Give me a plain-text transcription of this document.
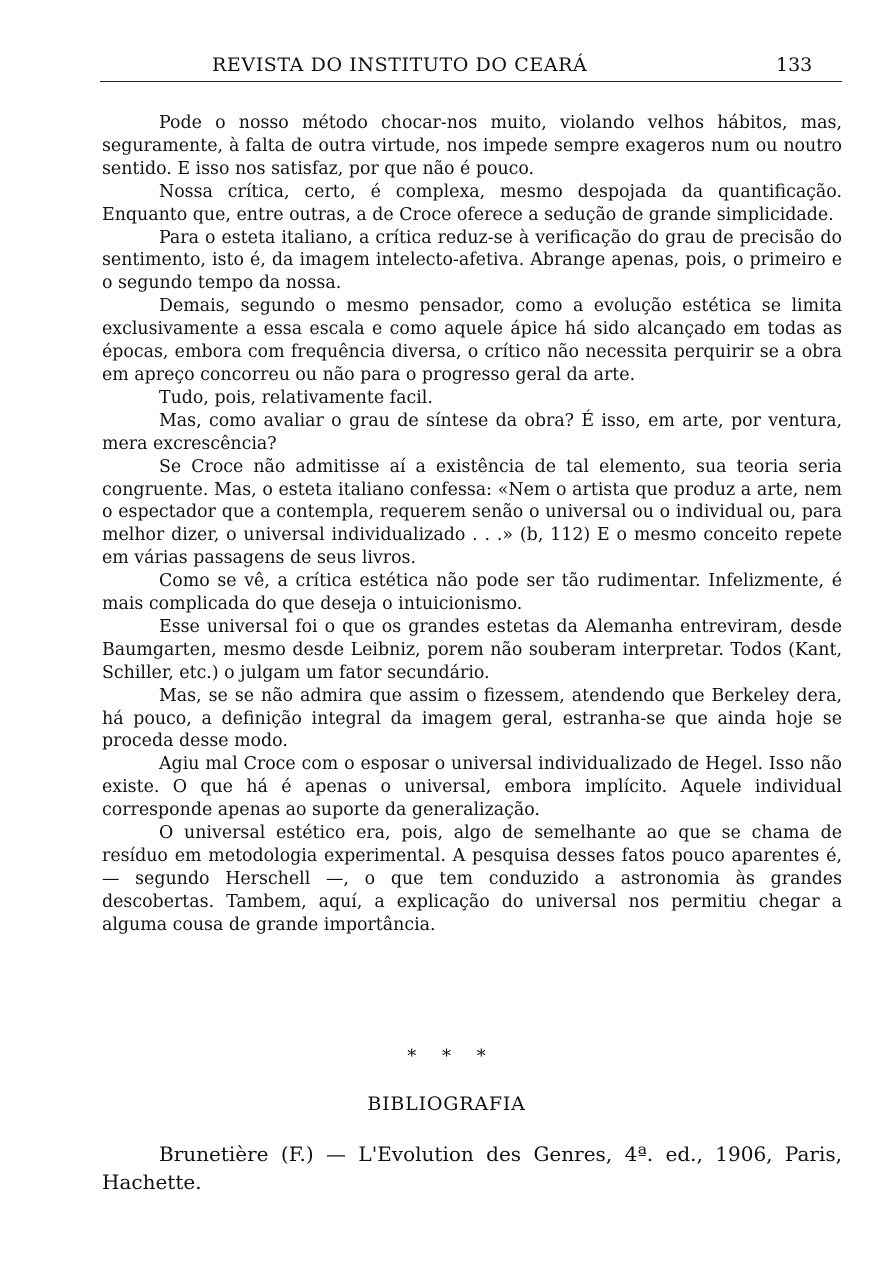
REVISTA DO INSTITUTO DO CEARÁ	133

Pode o nosso método chocar-nos muito, violando velhos hábitos, mas, seguramente, à falta de outra virtude, nos impede sempre exageros num ou noutro sentido. E isso nos satisfaz, por que não é pouco.

Nossa crítica, certo, é complexa, mesmo despojada da quantificação. Enquanto que, entre outras, a de Croce oferece a sedução de grande simplicidade.

Para o esteta italiano, a crítica reduz-se à verificação do grau de precisão do sentimento, isto é, da imagem intelecto-afetiva. Abrange apenas, pois, o primeiro e o segundo tempo da nossa.

Demais, segundo o mesmo pensador, como a evolução estética se limita exclusivamente a essa escala e como aquele ápice há sido alcançado em todas as épocas, embora com frequência diversa, o crítico não necessita perquirir se a obra em apreço concorreu ou não para o progresso geral da arte.

Tudo, pois, relativamente facil.

Mas, como avaliar o grau de síntese da obra? É isso, em arte, por ventura, mera excrescência?

Se Croce não admitisse aí a existência de tal elemento, sua teoria seria congruente. Mas, o esteta italiano confessa: «Nem o artista que produz a arte, nem o espectador que a contempla, requerem senão o universal ou o individual ou, para melhor dizer, o universal individualizado . . .» (b, 112) E o mesmo conceito repete em várias passagens de seus livros.

Como se vê, a crítica estética não pode ser tão rudimentar. Infelizmente, é mais complicada do que deseja o intuicionismo.

Esse universal foi o que os grandes estetas da Alemanha entreviram, desde Baumgarten, mesmo desde Leibniz, porem não souberam interpretar. Todos (Kant, Schiller, etc.) o julgam um fator secundário.

Mas, se se não admira que assim o fizessem, atendendo que Berkeley dera, há pouco, a definição integral da imagem geral, estranha-se que ainda hoje se proceda desse modo.

Agiu mal Croce com o esposar o universal individualizado de Hegel. Isso não existe. O que há é apenas o universal, embora implícito. Aquele individual corresponde apenas ao suporte da generalização.

O universal estético era, pois, algo de semelhante ao que se chama de resíduo em metodologia experimental. A pesquisa desses fatos pouco aparentes é, — segundo Herschell —, o que tem conduzido a astronomia às grandes descobertas. Tambem, aquí, a explicação do universal nos permitiu chegar a alguma cousa de grande importância.

* * *
BIBLIOGRAFIA

Brunetière (F.) — L'Evolution des Genres, 4ª. ed., 1906, Paris, Hachette.
